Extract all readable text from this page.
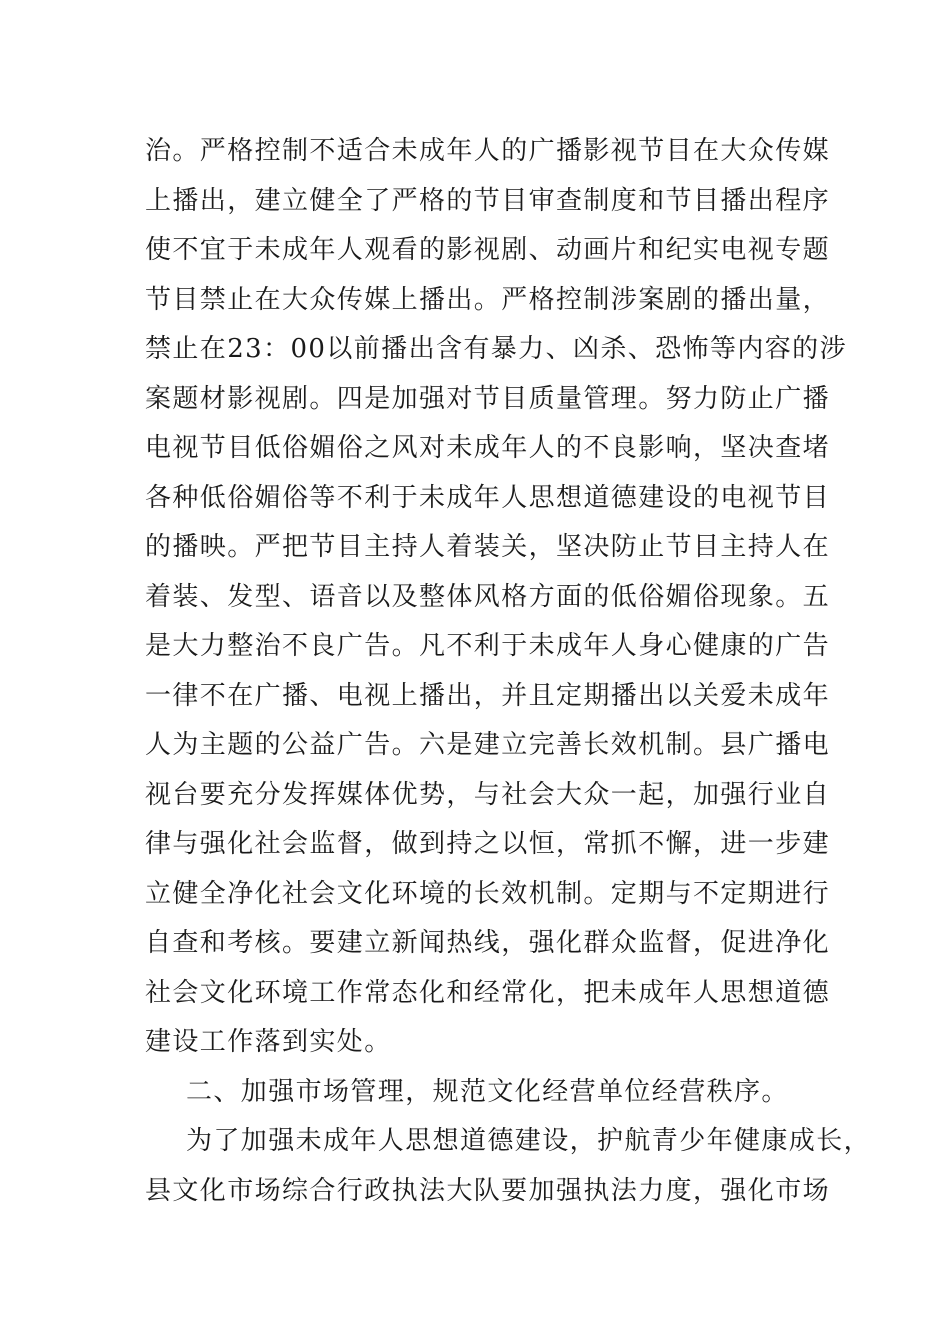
治。严格控制不适合未成年人的广播影视节目在大众传媒
上播出，建立健全了严格的节目审查制度和节目播出程序
使不宜于未成年人观看的影视剧、动画片和纪实电视专题
节目禁止在大众传媒上播出。严格控制涉案剧的播出量，
禁止在23：00以前播出含有暴力、凶杀、恐怖等内容的涉
案题材影视剧。四是加强对节目质量管理。努力防止广播
电视节目低俗媚俗之风对未成年人的不良影响，坚决查堵
各种低俗媚俗等不利于未成年人思想道德建设的电视节目
的播映。严把节目主持人着装关，坚决防止节目主持人在
着装、发型、语音以及整体风格方面的低俗媚俗现象。五
是大力整治不良广告。凡不利于未成年人身心健康的广告
一律不在广播、电视上播出，并且定期播出以关爱未成年
人为主题的公益广告。六是建立完善长效机制。县广播电
视台要充分发挥媒体优势，与社会大众一起，加强行业自
律与强化社会监督，做到持之以恒，常抓不懈，进一步建
立健全净化社会文化环境的长效机制。定期与不定期进行
自查和考核。要建立新闻热线，强化群众监督，促进净化
社会文化环境工作常态化和经常化，把未成年人思想道德
建设工作落到实处。
二、加强市场管理，规范文化经营单位经营秩序。
为了加强未成年人思想道德建设，护航青少年健康成长，
县文化市场综合行政执法大队要加强执法力度，强化市场
